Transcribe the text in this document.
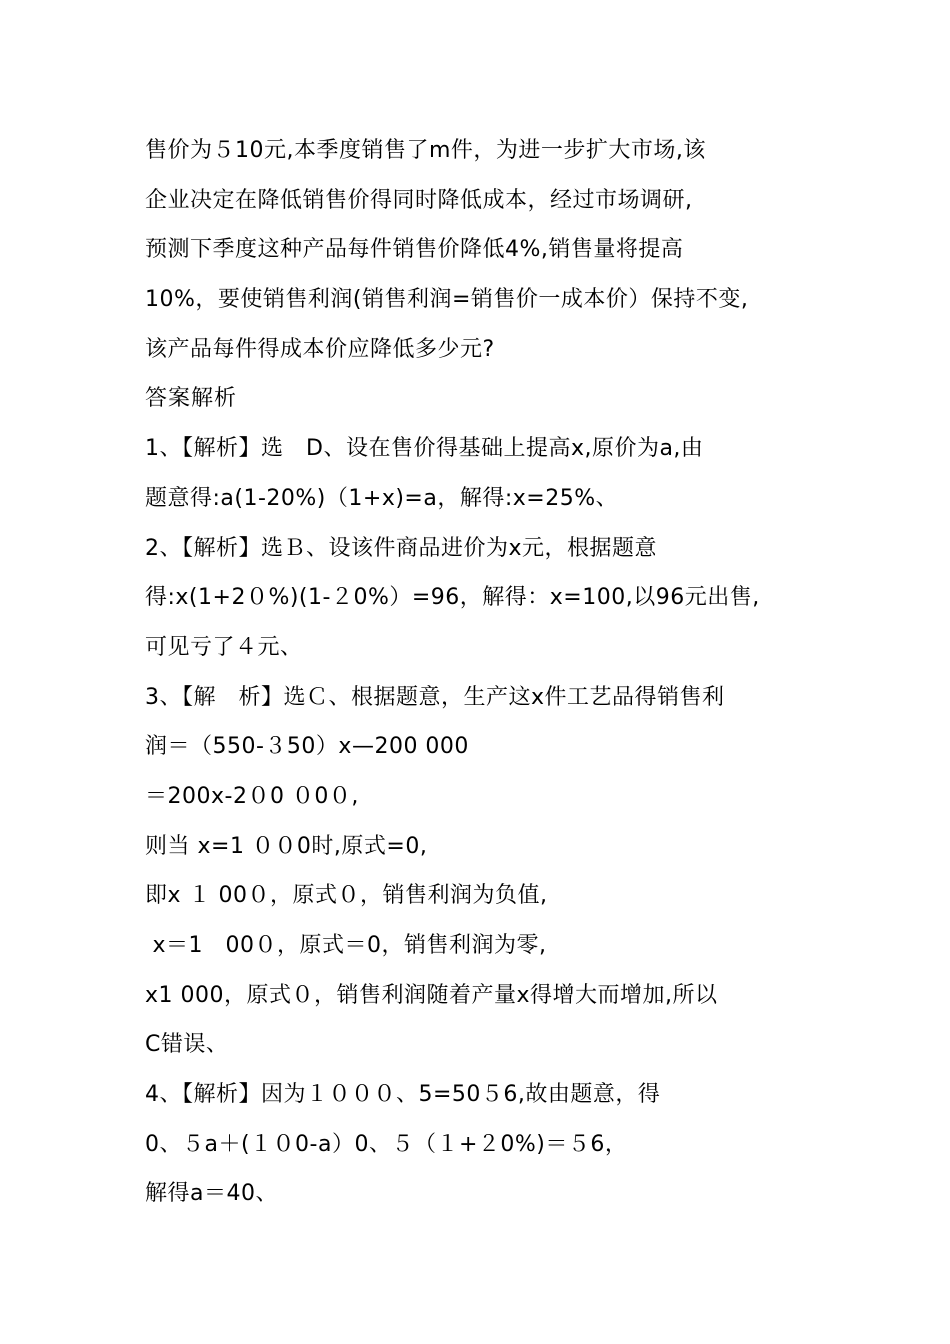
售价为５10元,本季度销售了m件，为进一步扩大市场,该
企业决定在降低销售价得同时降低成本，经过市场调研,
预测下季度这种产品每件销售价降低4%,销售量将提高
10%，要使销售利润(销售利润=销售价一成本价）保持不变,
该产品每件得成本价应降低多少元?
答案解析
1、【解析】选　D、设在售价得基础上提高x,原价为a,由
题意得:a(1-20%)（1+x)=a，解得:x=25%、
2、【解析】选Ｂ、设该件商品进价为x元，根据题意
得:x(1+2０%)(1-２0%）=96，解得：x=100,以96元出售,
可见亏了４元、
3、【解　析】选Ｃ、根据题意，生产这x件工艺品得销售利
润＝（550-３50）x—200 000
＝200x-2０0 ０0０,
则当 x=1 ００0时,原式=0,
即x １ 00０，原式０，销售利润为负值,
x＝1　00０，原式＝0，销售利润为零,
x1 000，原式０，销售利润随着产量x得增大而增加,所以
C错误、
4、【解析】因为１０００、5=50５6,故由题意，得
0、５a＋(１０0-a）0、５（１+２0%)＝５6，
解得a＝40、
